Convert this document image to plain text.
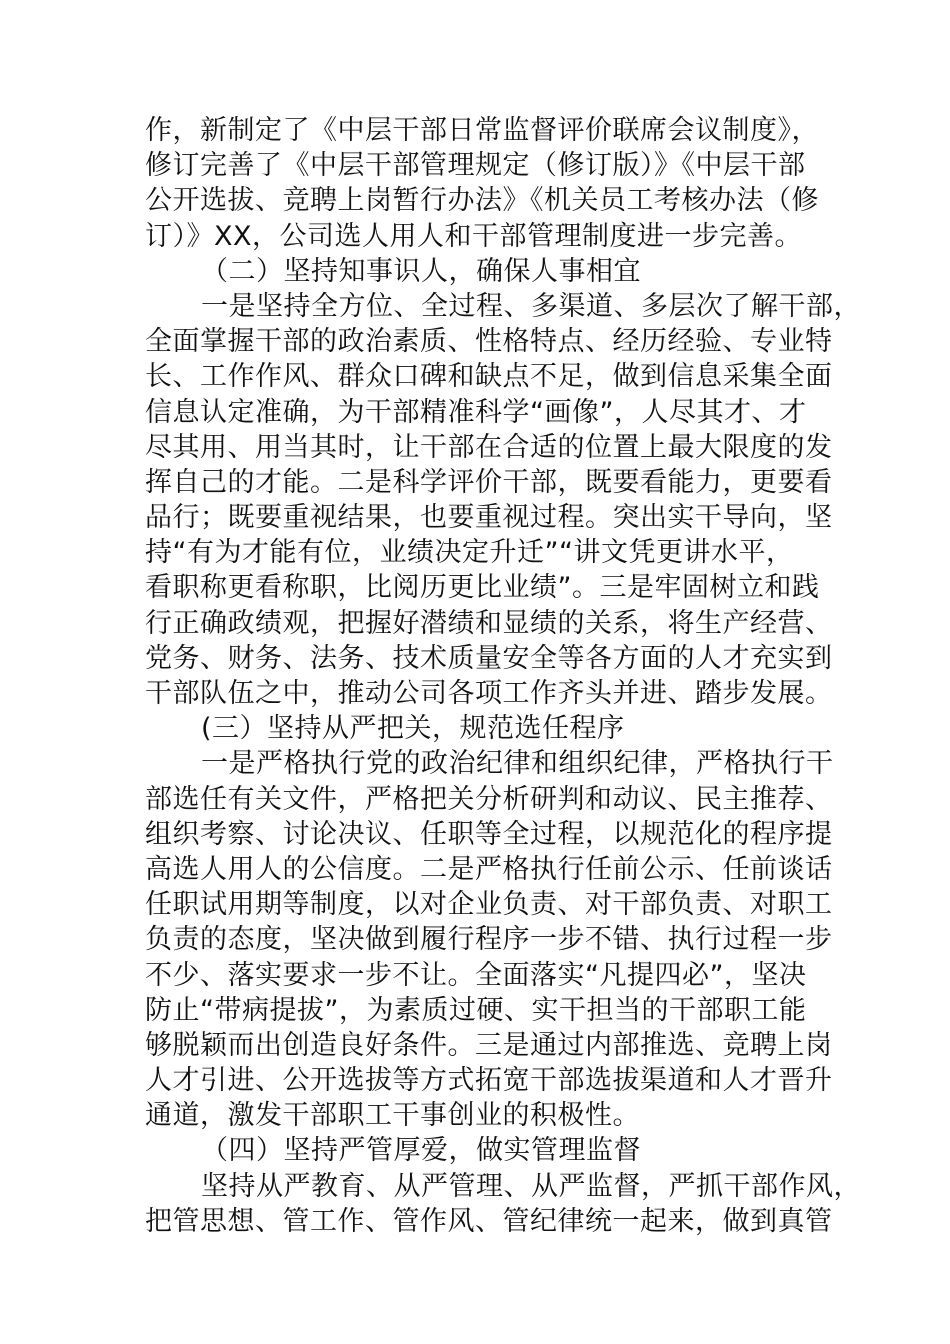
作，新制定了《中层干部日常监督评价联席会议制度》，
修订完善了《中层干部管理规定（修订版）》《中层干部
公开选拔、竞聘上岗暂行办法》《机关员工考核办法（修
订）》XX，公司选人用人和干部管理制度进一步完善。
（二）坚持知事识人，确保人事相宜
一是坚持全方位、全过程、多渠道、多层次了解干部，
全面掌握干部的政治素质、性格特点、经历经验、专业特
长、工作作风、群众口碑和缺点不足，做到信息采集全面
信息认定准确，为干部精准科学“画像”，人尽其才、才
尽其用、用当其时，让干部在合适的位置上最大限度的发
挥自己的才能。二是科学评价干部，既要看能力，更要看
品行；既要重视结果，也要重视过程。突出实干导向，坚
持“有为才能有位，业绩决定升迁”“讲文凭更讲水平，
看职称更看称职，比阅历更比业绩”。三是牢固树立和践
行正确政绩观，把握好潜绩和显绩的关系，将生产经营、
党务、财务、法务、技术质量安全等各方面的人才充实到
干部队伍之中，推动公司各项工作齐头并进、踏步发展。
(三）坚持从严把关，规范选任程序
一是严格执行党的政治纪律和组织纪律，严格执行干
部选任有关文件，严格把关分析研判和动议、民主推荐、
组织考察、讨论决议、任职等全过程，以规范化的程序提
高选人用人的公信度。二是严格执行任前公示、任前谈话
任职试用期等制度，以对企业负责、对干部负责、对职工
负责的态度，坚决做到履行程序一步不错、执行过程一步
不少、落实要求一步不让。全面落实“凡提四必”，坚决
防止“带病提拔”，为素质过硬、实干担当的干部职工能
够脱颖而出创造良好条件。三是通过内部推选、竞聘上岗
人才引进、公开选拔等方式拓宽干部选拔渠道和人才晋升
通道，激发干部职工干事创业的积极性。
（四）坚持严管厚爱，做实管理监督
坚持从严教育、从严管理、从严监督，严抓干部作风，
把管思想、管工作、管作风、管纪律统一起来，做到真管
